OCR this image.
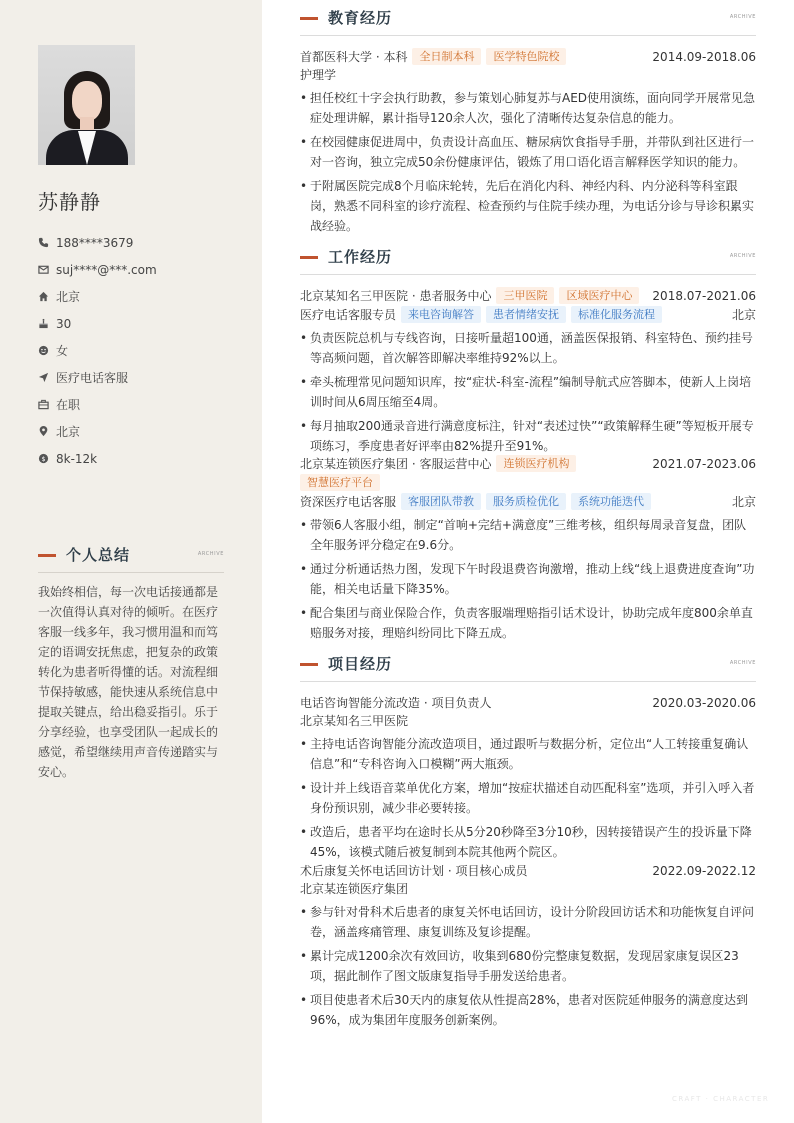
苏静静
188****3679
suj****@***.com
北京
30
女
医疗电话客服
在职
北京
$ 8k-12k
个人总结	ARCHIVE
我始终相信，每一次电话接通都是一次值得认真对待的倾听。在医疗客服一线多年，我习惯用温和而笃定的语调安抚焦虑，把复杂的政策转化为患者听得懂的话。对流程细节保持敏感，能快速从系统信息中提取关键点，给出稳妥指引。乐于分享经验，也享受团队一起成长的感觉，希望继续用声音传递踏实与安心。
教育经历	ARCHIVE
首都医科大学 · 本科	全日制本科	医学特色院校	2014.09-2018.06
护理学
• 担任校红十字会执行助教，参与策划心肺复苏与AED使用演练，面向同学开展常见急症处理讲解，累计指导120余人次，强化了清晰传达复杂信息的能力。
• 在校园健康促进周中，负责设计高血压、糖尿病饮食指导手册，并带队到社区进行一对一咨询，独立完成50余份健康评估，锻炼了用口语化语言解释医学知识的能力。
• 于附属医院完成8个月临床轮转，先后在消化内科、神经内科、内分泌科等科室跟岗，熟悉不同科室的诊疗流程、检查预约与住院手续办理，为电话分诊与导诊积累实战经验。
工作经历	ARCHIVE
北京某知名三甲医院 · 患者服务中心	三甲医院	区域医疗中心	2018.07-2021.06
医疗电话客服专员	来电咨询解答	患者情绪安抚	标准化服务流程	北京
• 负责医院总机与专线咨询，日接听量超100通，涵盖医保报销、科室特色、预约挂号等高频问题，首次解答即解决率维持92%以上。
• 牵头梳理常见问题知识库，按“症状-科室-流程”编制导航式应答脚本，使新人上岗培训时间从6周压缩至4周。
• 每月抽取200通录音进行满意度标注，针对“表述过快”“政策解释生硬”等短板开展专项练习，季度患者好评率由82%提升至91%。
北京某连锁医疗集团 · 客服运营中心	连锁医疗机构	2021.07-2023.06
智慧医疗平台
资深医疗电话客服	客服团队带教	服务质检优化	系统功能迭代	北京
• 带领6人客服小组，制定“首响+完结+满意度”三维考核，组织每周录音复盘，团队全年服务评分稳定在9.6分。
• 通过分析通话热力图，发现下午时段退费咨询激增，推动上线“线上退费进度查询”功能，相关电话量下降35%。
• 配合集团与商业保险合作，负责客服端理赔指引话术设计，协助完成年度800余单直赔服务对接，理赔纠纷同比下降五成。
项目经历	ARCHIVE
电话咨询智能分流改造 · 项目负责人	2020.03-2020.06
北京某知名三甲医院
• 主持电话咨询智能分流改造项目，通过跟听与数据分析，定位出“人工转接重复确认信息”和“专科咨询入口模糊”两大瓶颈。
• 设计并上线语音菜单优化方案，增加“按症状描述自动匹配科室”选项，并引入呼入者身份预识别，减少非必要转接。
• 改造后，患者平均在途时长从5分20秒降至3分10秒，因转接错误产生的投诉量下降45%，该模式随后被复制到本院其他两个院区。
术后康复关怀电话回访计划 · 项目核心成员	2022.09-2022.12
北京某连锁医疗集团
• 参与针对骨科术后患者的康复关怀电话回访，设计分阶段回访话术和功能恢复自评问卷，涵盖疼痛管理、康复训练及复诊提醒。
• 累计完成1200余次有效回访，收集到680份完整康复数据，发现居家康复误区23项，据此制作了图文版康复指导手册发送给患者。
• 项目使患者术后30天内的康复依从性提高28%，患者对医院延伸服务的满意度达到96%，成为集团年度服务创新案例。
CRAFT · CHARACTER
